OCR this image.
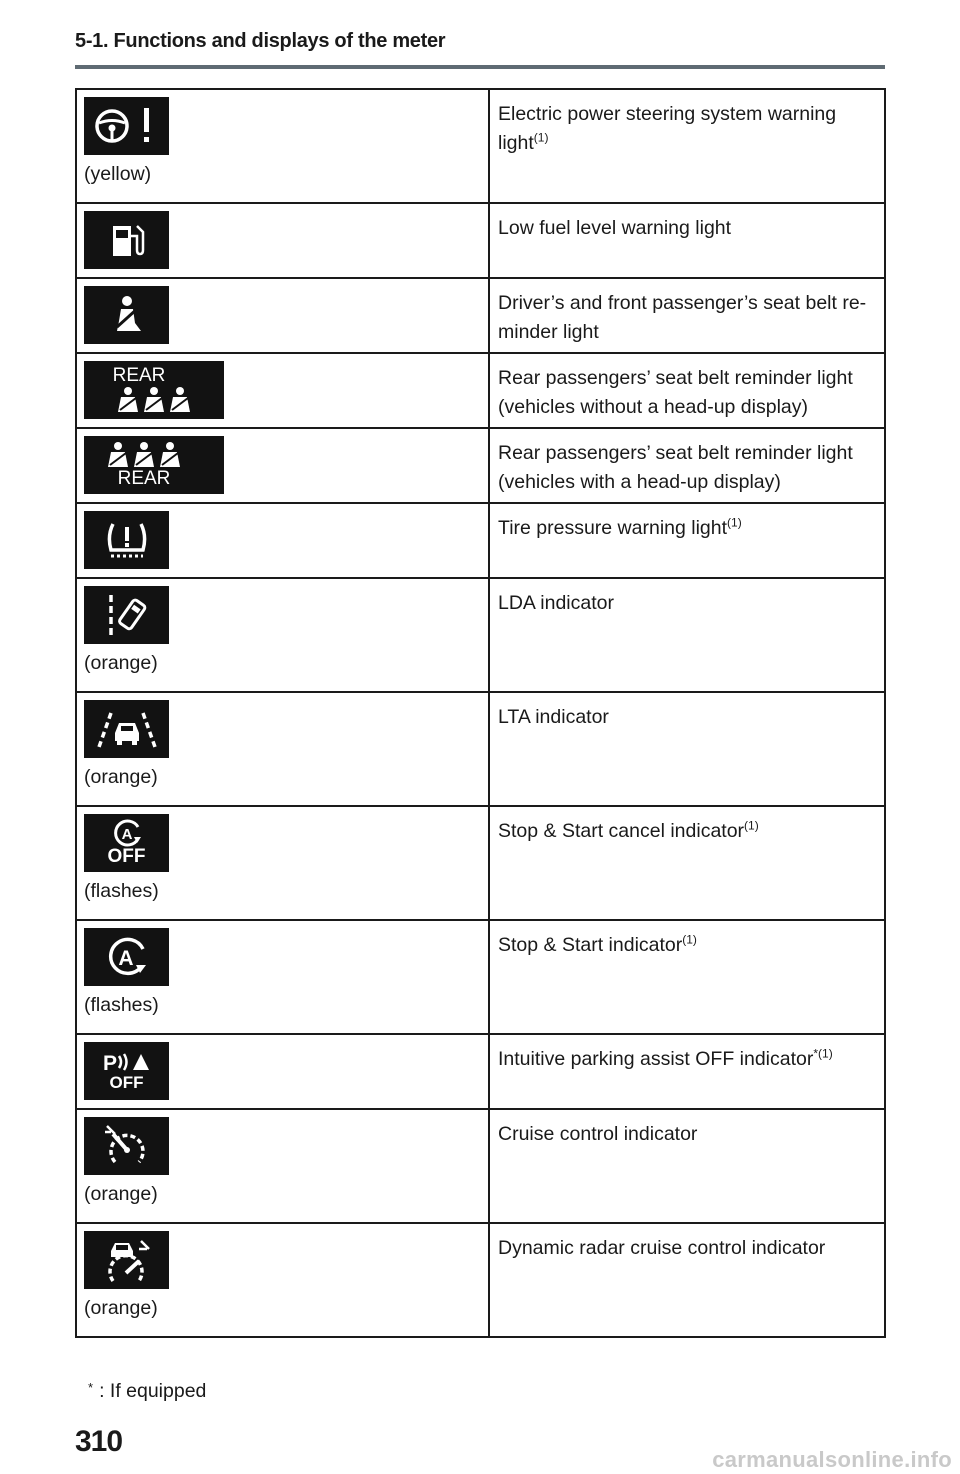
5-1. Functions and displays of the meter
(yellow)	Electric power steering system warning light$^{(1)}$

	Low fuel level warning light

	Driver’s and front passenger’s seat belt re-minder light

REAR	Rear passengers’ seat belt reminder light (vehicles without a head-up display)

REAR	Rear passengers’ seat belt reminder light (vehicles with a head-up display)

	Tire pressure warning light$^{(1)}$

(orange)	LDA indicator

(orange)	LTA indicator

A
OFF
(flashes)	Stop & Start cancel indicator$^{(1)}$

A
(flashes)	Stop & Start indicator$^{(1)}$

P
OFF	Intuitive parking assist OFF indicator$^{*(1)}$

(orange)	Cruise control indicator

(orange)	Dynamic radar cruise control indicator
* : If equipped
310
carmanualsonline.info
